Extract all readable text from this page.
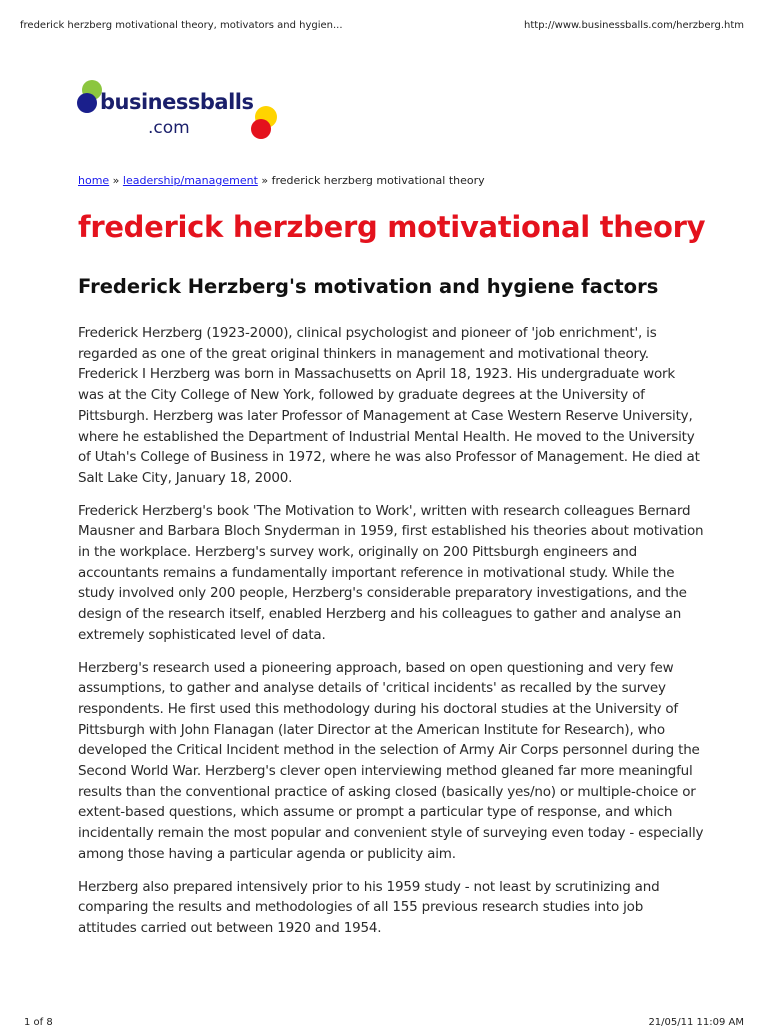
frederick herzberg motivational theory, motivators and hygien...	http://www.businessballs.com/herzberg.htm
businessballs
.com
home » leadership/management » frederick herzberg motivational theory
frederick herzberg motivational theory
Frederick Herzberg's motivation and hygiene factors

Frederick Herzberg (1923-2000), clinical psychologist and pioneer of 'job enrichment', is regarded as one of the great original thinkers in management and motivational theory. Frederick I Herzberg was born in Massachusetts on April 18, 1923. His undergraduate work was at the City College of New York, followed by graduate degrees at the University of Pittsburgh. Herzberg was later Professor of Management at Case Western Reserve University, where he established the Department of Industrial Mental Health. He moved to the University of Utah's College of Business in 1972, where he was also Professor of Management. He died at Salt Lake City, January 18, 2000.

Frederick Herzberg's book 'The Motivation to Work', written with research colleagues Bernard Mausner and Barbara Bloch Snyderman in 1959, first established his theories about motivation in the workplace. Herzberg's survey work, originally on 200 Pittsburgh engineers and accountants remains a fundamentally important reference in motivational study. While the study involved only 200 people, Herzberg's considerable preparatory investigations, and the design of the research itself, enabled Herzberg and his colleagues to gather and analyse an extremely sophisticated level of data.

Herzberg's research used a pioneering approach, based on open questioning and very few assumptions, to gather and analyse details of 'critical incidents' as recalled by the survey respondents. He first used this methodology during his doctoral studies at the University of Pittsburgh with John Flanagan (later Director at the American Institute for Research), who developed the Critical Incident method in the selection of Army Air Corps personnel during the Second World War. Herzberg's clever open interviewing method gleaned far more meaningful results than the conventional practice of asking closed (basically yes/no) or multiple-choice or extent-based questions, which assume or prompt a particular type of response, and which incidentally remain the most popular and convenient style of surveying even today - especially among those having a particular agenda or publicity aim.

Herzberg also prepared intensively prior to his 1959 study - not least by scrutinizing and comparing the results and methodologies of all 155 previous research studies into job attitudes carried out between 1920 and 1954.

1 of 8	21/05/11 11:09 AM
